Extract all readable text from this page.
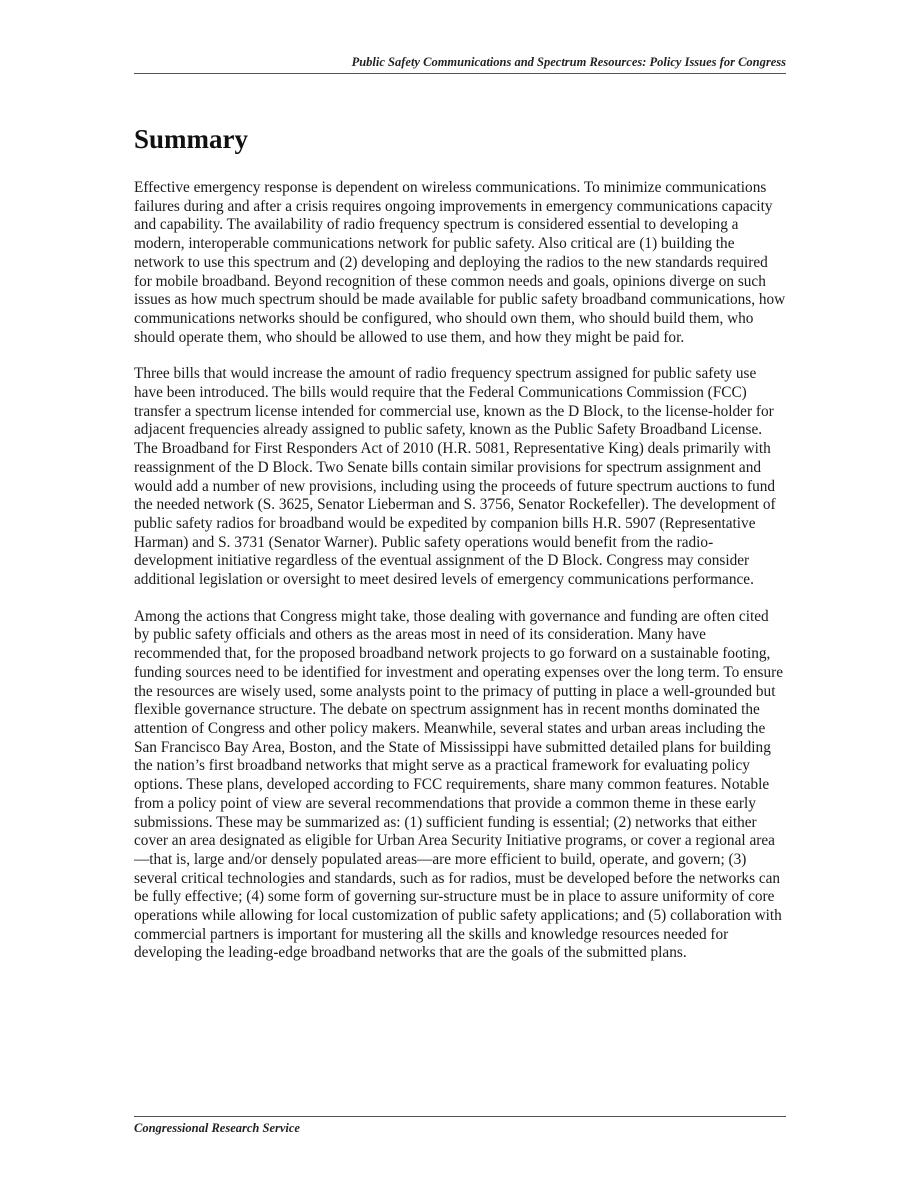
Public Safety Communications and Spectrum Resources: Policy Issues for Congress
Summary

Effective emergency response is dependent on wireless communications. To minimize communications failures during and after a crisis requires ongoing improvements in emergency communications capacity and capability. The availability of radio frequency spectrum is considered essential to developing a modern, interoperable communications network for public safety. Also critical are (1) building the network to use this spectrum and (2) developing and deploying the radios to the new standards required for mobile broadband. Beyond recognition of these common needs and goals, opinions diverge on such issues as how much spectrum should be made available for public safety broadband communications, how communications networks should be configured, who should own them, who should build them, who should operate them, who should be allowed to use them, and how they might be paid for.

Three bills that would increase the amount of radio frequency spectrum assigned for public safety use have been introduced. The bills would require that the Federal Communications Commission (FCC) transfer a spectrum license intended for commercial use, known as the D Block, to the license-holder for adjacent frequencies already assigned to public safety, known as the Public Safety Broadband License. The Broadband for First Responders Act of 2010 (H.R. 5081, Representative King) deals primarily with reassignment of the D Block. Two Senate bills contain similar provisions for spectrum assignment and would add a number of new provisions, including using the proceeds of future spectrum auctions to fund the needed network (S. 3625, Senator Lieberman and S. 3756, Senator Rockefeller). The development of public safety radios for broadband would be expedited by companion bills H.R. 5907 (Representative Harman) and S. 3731 (Senator Warner). Public safety operations would benefit from the radio-development initiative regardless of the eventual assignment of the D Block. Congress may consider additional legislation or oversight to meet desired levels of emergency communications performance.

Among the actions that Congress might take, those dealing with governance and funding are often cited by public safety officials and others as the areas most in need of its consideration. Many have recommended that, for the proposed broadband network projects to go forward on a sustainable footing, funding sources need to be identified for investment and operating expenses over the long term. To ensure the resources are wisely used, some analysts point to the primacy of putting in place a well-grounded but flexible governance structure. The debate on spectrum assignment has in recent months dominated the attention of Congress and other policy makers. Meanwhile, several states and urban areas including the San Francisco Bay Area, Boston, and the State of Mississippi have submitted detailed plans for building the nation’s first broadband networks that might serve as a practical framework for evaluating policy options. These plans, developed according to FCC requirements, share many common features. Notable from a policy point of view are several recommendations that provide a common theme in these early submissions. These may be summarized as: (1) sufficient funding is essential; (2) networks that either cover an area designated as eligible for Urban Area Security Initiative programs, or cover a regional area—that is, large and/or densely populated areas—are more efficient to build, operate, and govern; (3) several critical technologies and standards, such as for radios, must be developed before the networks can be fully effective; (4) some form of governing sur-structure must be in place to assure uniformity of core operations while allowing for local customization of public safety applications; and (5) collaboration with commercial partners is important for mustering all the skills and knowledge resources needed for developing the leading-edge broadband networks that are the goals of the submitted plans.

Congressional Research Service
